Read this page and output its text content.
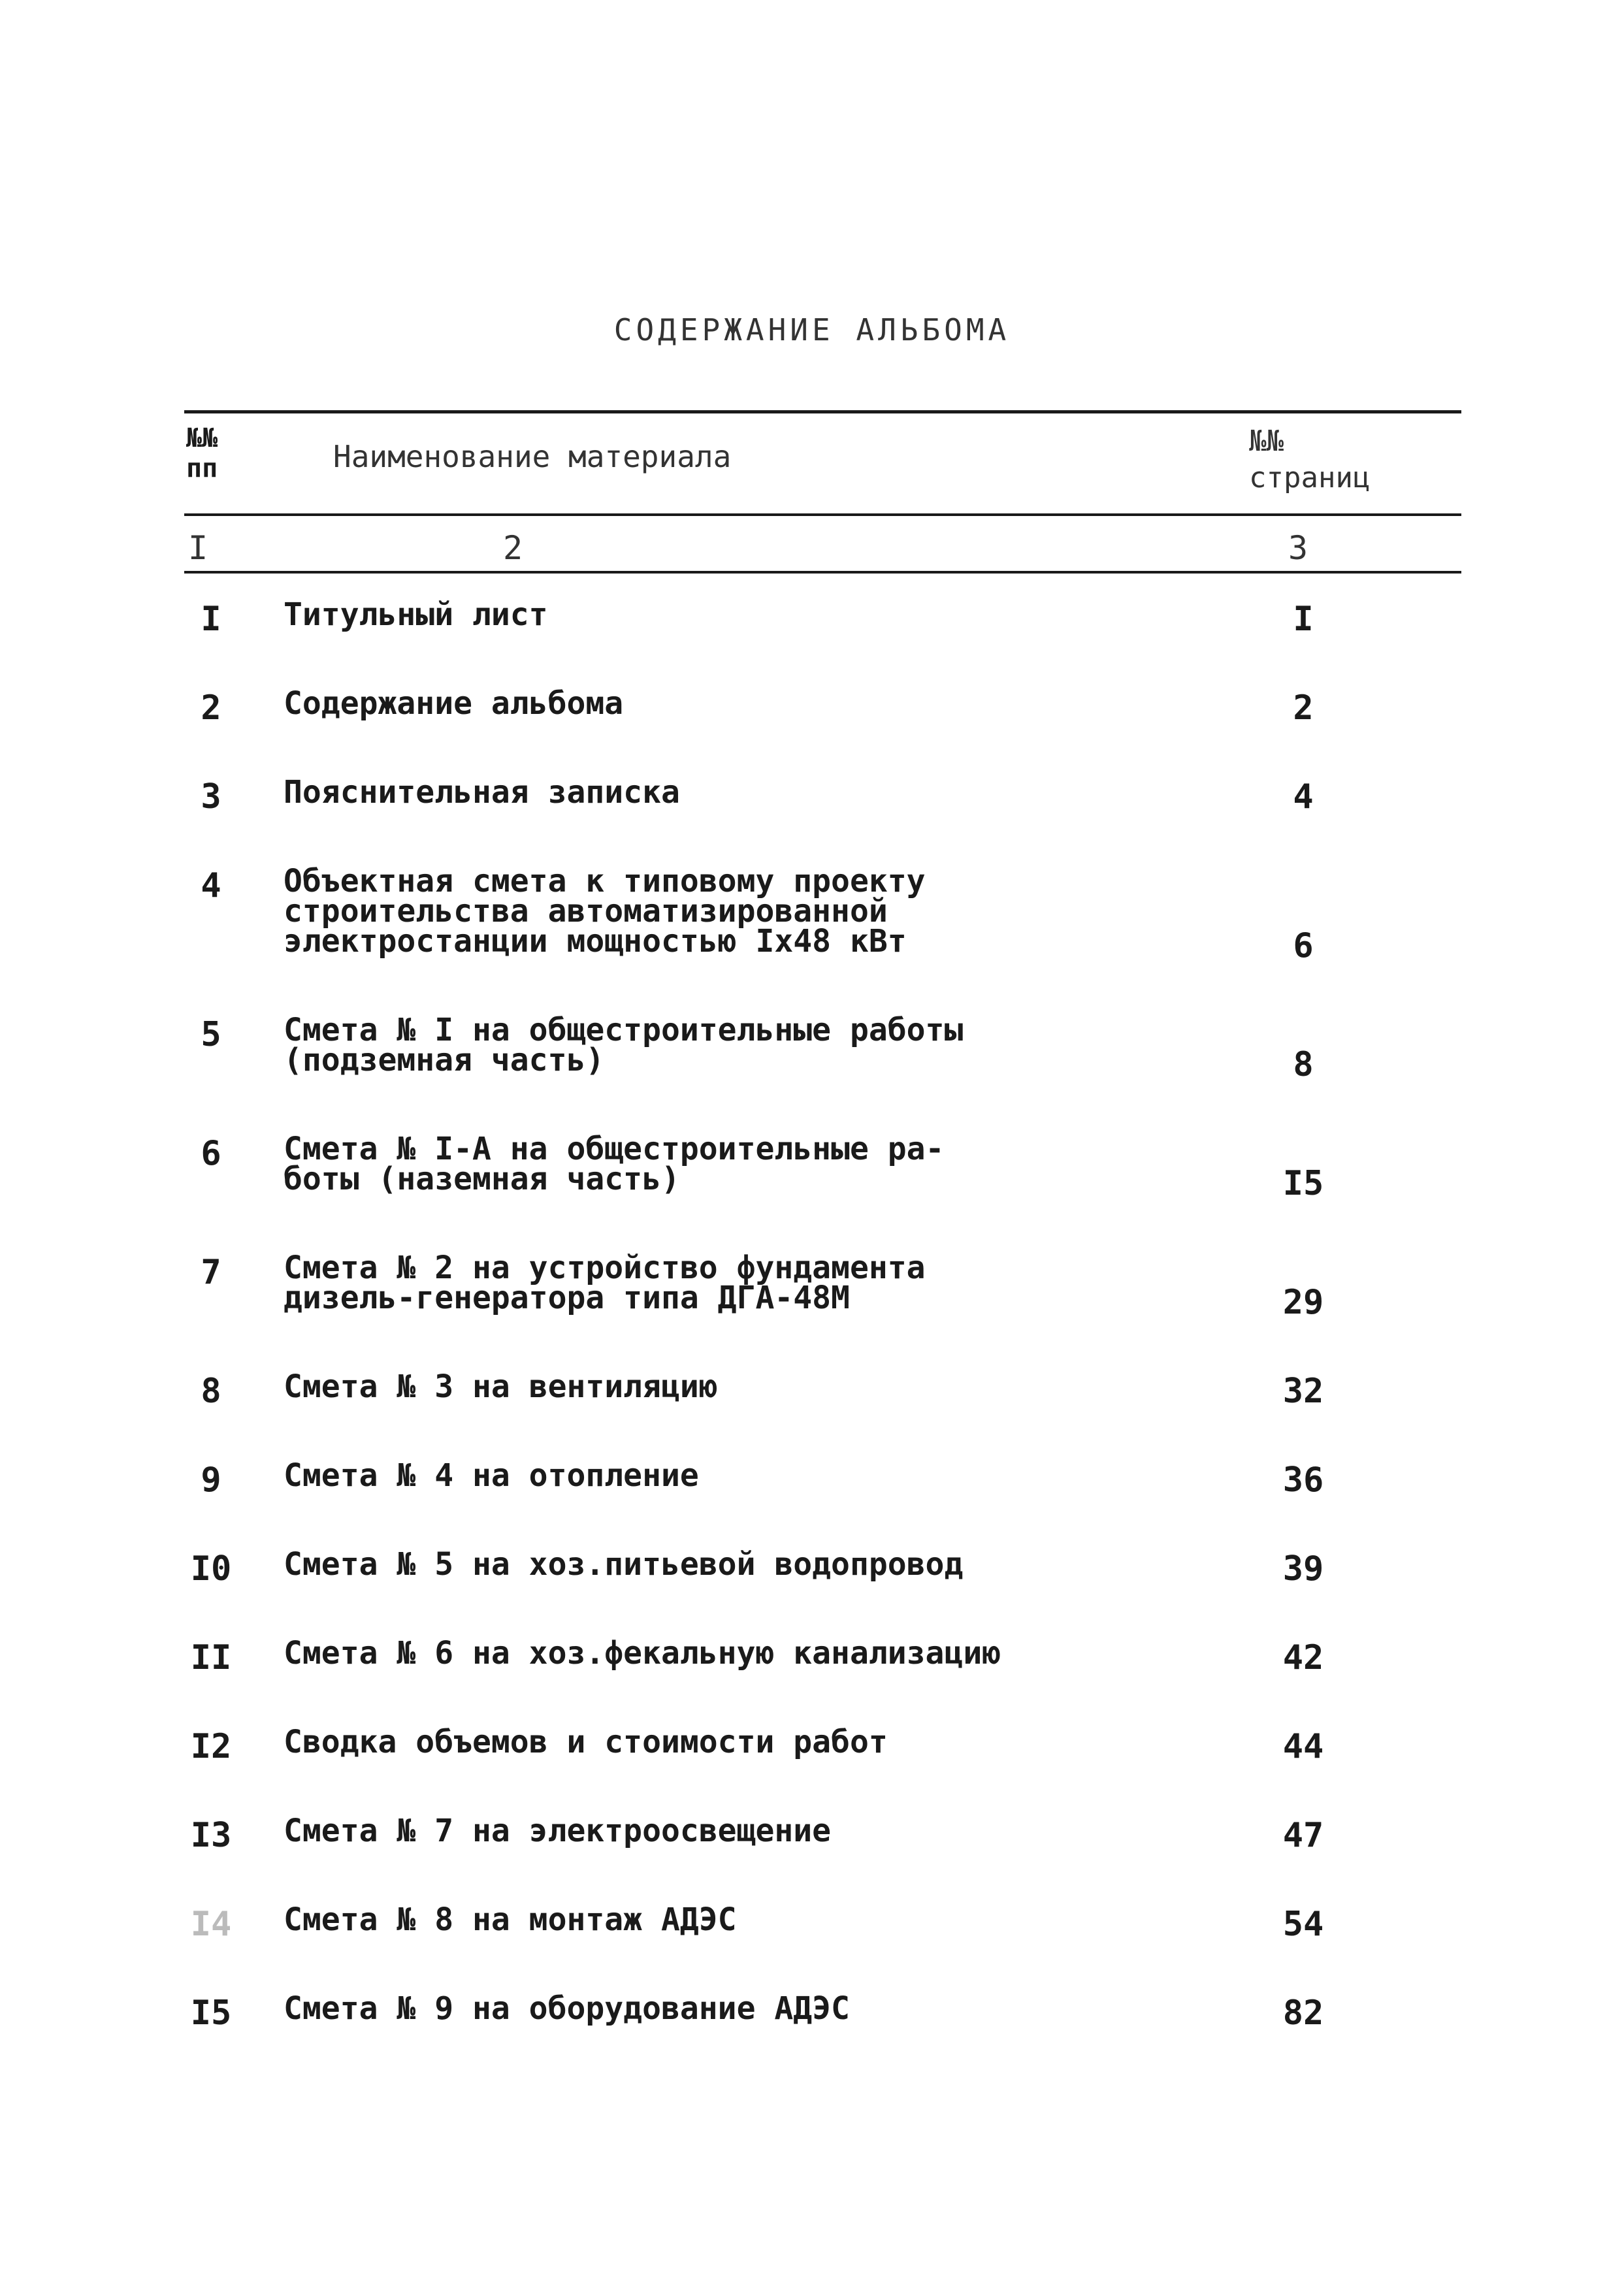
СОДЕРЖАНИЕ АЛЬБОМА
№№
пп	Наименование материала	№№
страниц
I	2	3
I	Титульный лист	I
2	Содержание альбома	2
3	Пояснительная записка	4
4	Объектная смета к типовому проекту
строительства автоматизированной
электростанции мощностью Iх48 кВт	6
5	Смета № I на общестроительные работы
(подземная часть)	8
6	Смета № I-А на общестроительные ра-
боты (наземная часть)	I5
7	Смета № 2 на устройство фундамента
дизель-генератора типа ДГА-48М	29
8	Смета № 3 на вентиляцию	32
9	Смета № 4 на отопление	36
I0 Смета № 5 на хоз.питьевой водопровод	39
II Смета № 6 на хоз.фекальную канализацию	42
I2 Сводка объемов и стоимости работ	44
I3 Смета № 7 на электроосвещение	47
I4 Смета № 8 на монтаж АДЭС	54
I5 Смета № 9 на оборудование АДЭС	82
